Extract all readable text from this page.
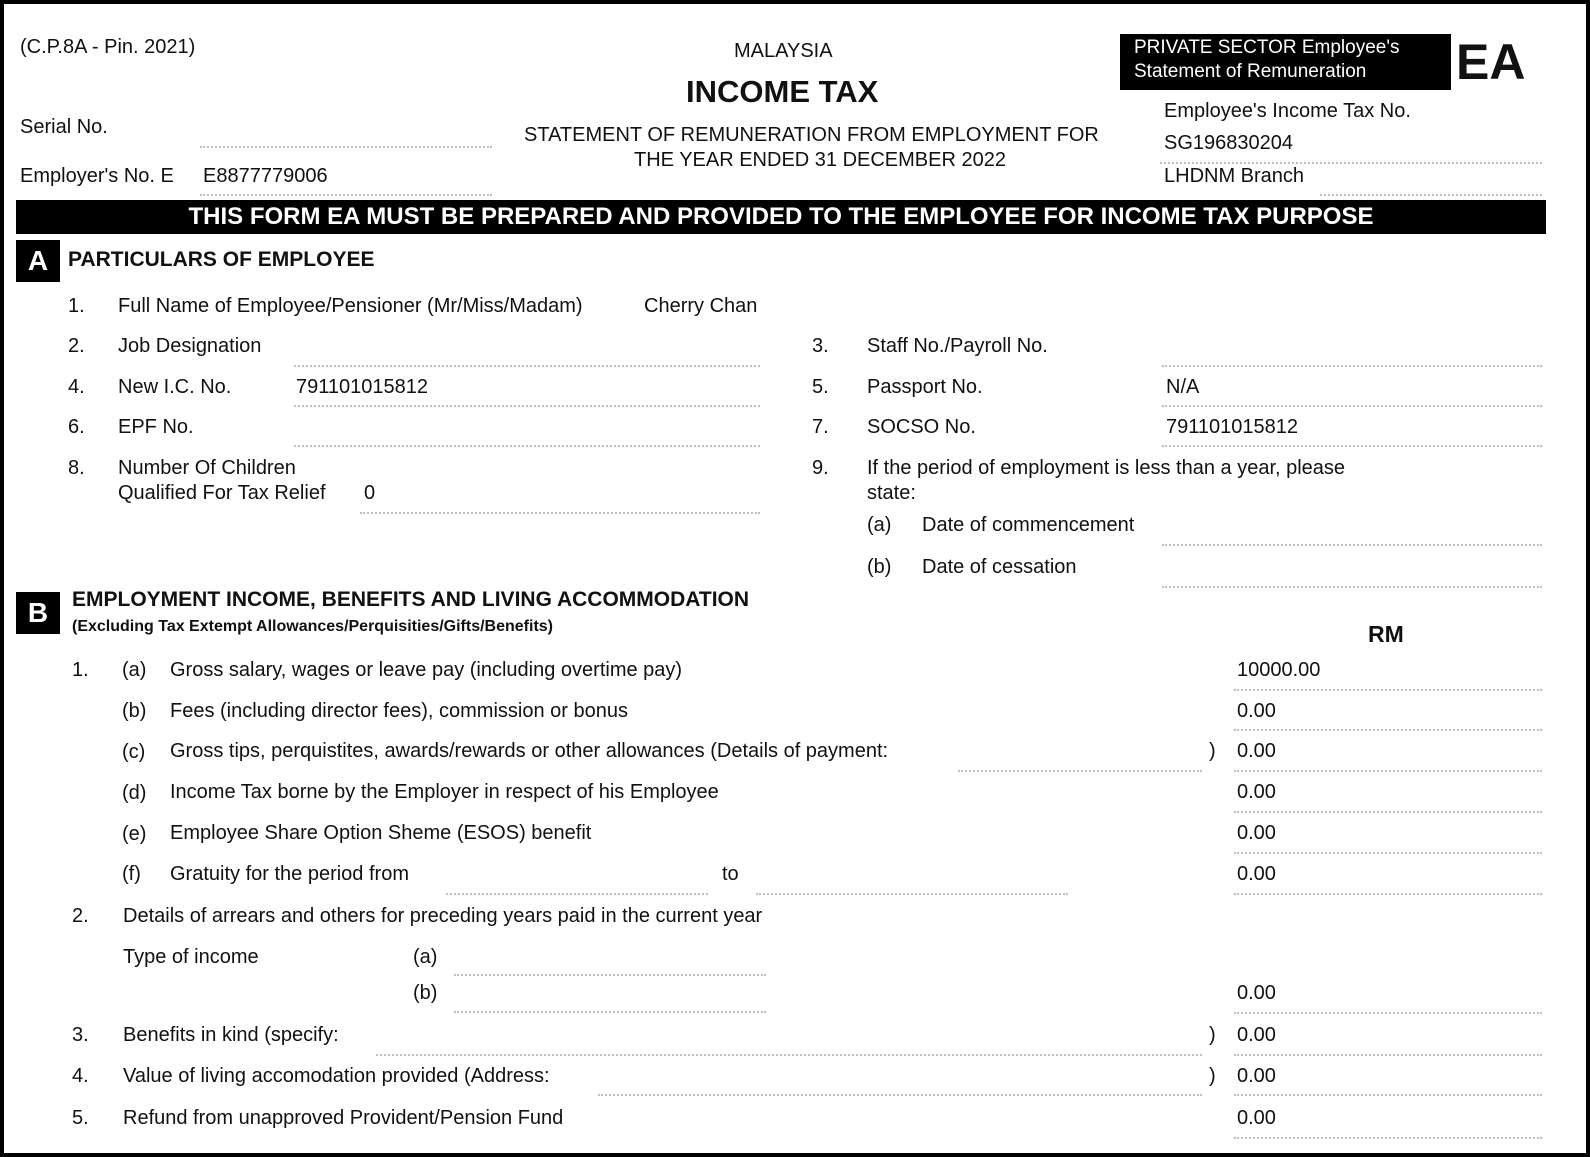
(C.P.8A - Pin. 2021)	MALAYSIA
INCOME TAX
STATEMENT OF REMUNERATION FROM EMPLOYMENT FOR
THE YEAR ENDED 31 DECEMBER 2022
PRIVATE SECTOR Employee's
Statement of Remuneration EA
Serial No.
Employer's No. E E8877779006
Employee's Income Tax No.
SG196830204
LHDNM Branch
THIS FORM EA MUST BE PREPARED AND PROVIDED TO THE EMPLOYEE FOR INCOME TAX PURPOSE
A PARTICULARS OF EMPLOYEE
1. Full Name of Employee/Pensioner (Mr/Miss/Madam)	Cherry Chan
2. Job Designation	3. Staff No./Payroll No.
4. New I.C. No.	791101015812	5. Passport No.	N/A
6. EPF No.	7. SOCSO No.	791101015812
8. Number Of Children
Qualified For Tax Relief 0
9. If the period of employment is less than a year, please
state:
(a) Date of commencement
(b) Date of cessation
B	EMPLOYMENT INCOME, BENEFITS AND LIVING ACCOMMODATION
(Excluding Tax Extempt Allowances/Perquisities/Gifts/Benefits)	RM
1. (a) Gross salary, wages or leave pay (including overtime pay)	10000.00
(b) Fees (including director fees), commission or bonus	0.00
(c) Gross tips, perquistites, awards/rewards or other allowances (Details of payment:	) 0.00
(d) Income Tax borne by the Employer in respect of his Employee	0.00
(e) Employee Share Option Sheme (ESOS) benefit	0.00
(f) Gratuity for the period from	to	0.00
2. Details of arrears and others for preceding years paid in the current year
Type of income	(a)
(b)	0.00
3. Benefits in kind (specify:	) 0.00
4. Value of living accomodation provided (Address:	) 0.00
5. Refund from unapproved Provident/Pension Fund	0.00
